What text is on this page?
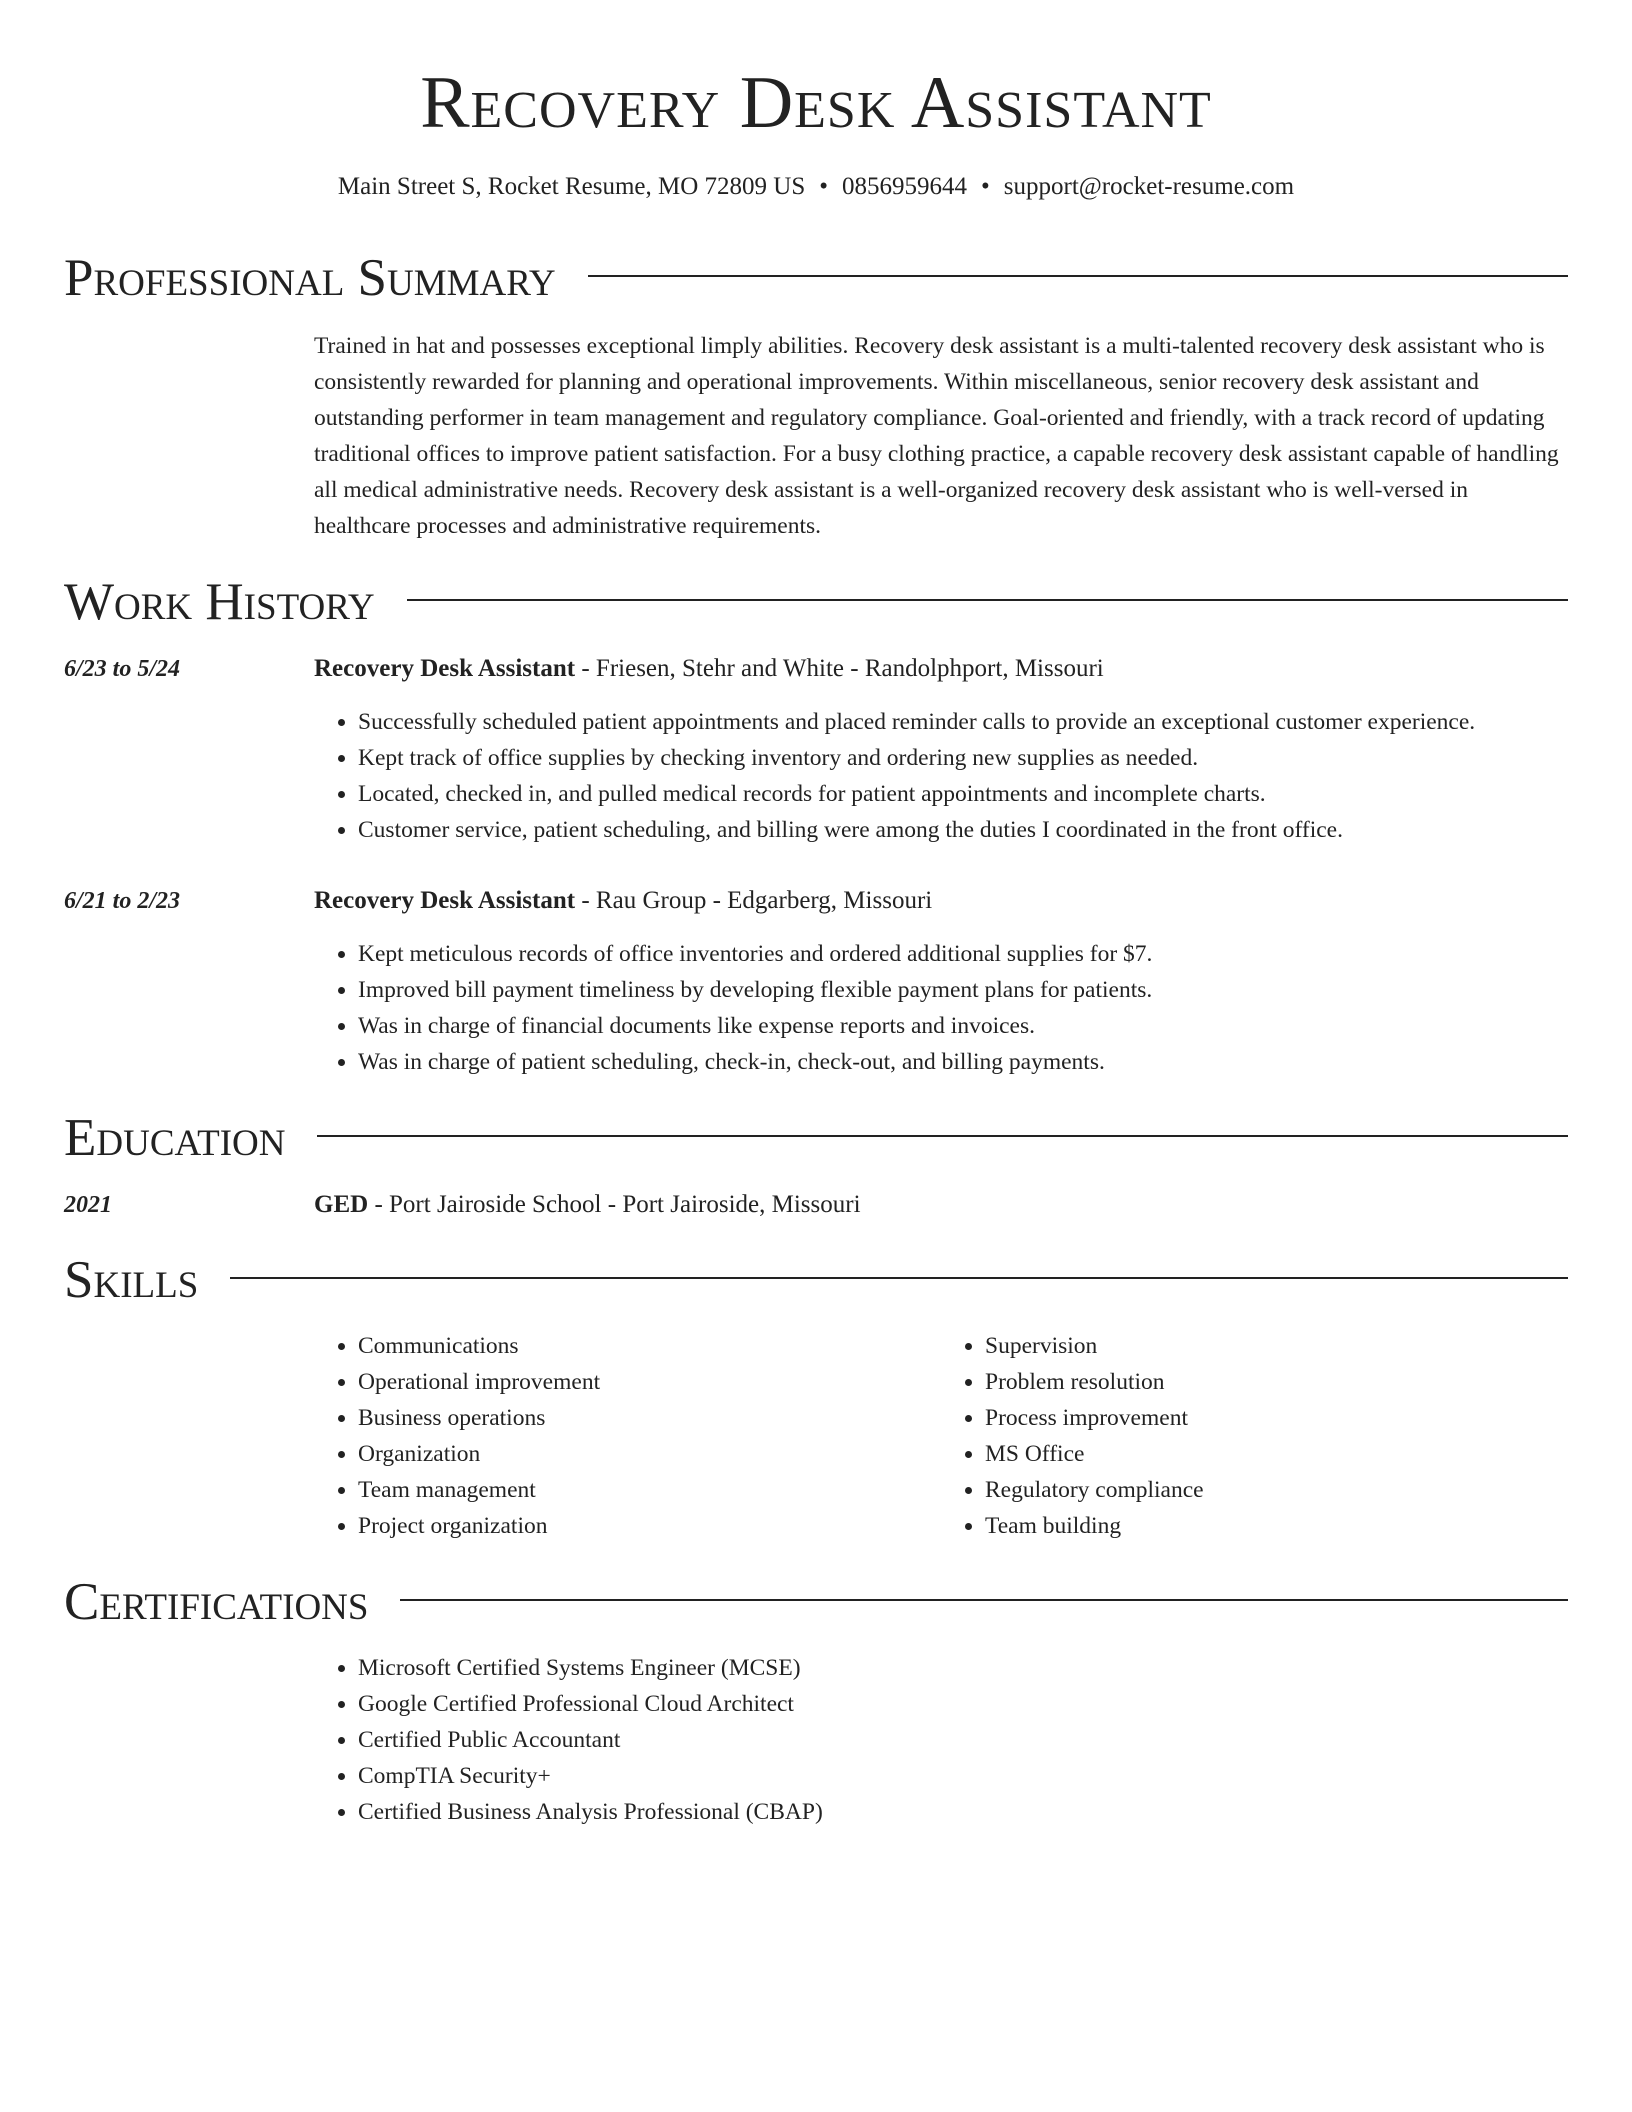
Recovery Desk Assistant
Main Street S, Rocket Resume, MO 72809 US • 0856959644 • support@rocket-resume.com
Professional Summary
Trained in hat and possesses exceptional limply abilities. Recovery desk assistant is a multi-talented recovery desk assistant who is consistently rewarded for planning and operational improvements. Within miscellaneous, senior recovery desk assistant and outstanding performer in team management and regulatory compliance. Goal-oriented and friendly, with a track record of updating traditional offices to improve patient satisfaction. For a busy clothing practice, a capable recovery desk assistant capable of handling all medical administrative needs. Recovery desk assistant is a well-organized recovery desk assistant who is well-versed in healthcare processes and administrative requirements.
Work History
6/23 to 5/24	Recovery Desk Assistant - Friesen, Stehr and White - Randolphport, Missouri
• Successfully scheduled patient appointments and placed reminder calls to provide an exceptional customer experience.
• Kept track of office supplies by checking inventory and ordering new supplies as needed.
• Located, checked in, and pulled medical records for patient appointments and incomplete charts.
• Customer service, patient scheduling, and billing were among the duties I coordinated in the front office.
6/21 to 2/23	Recovery Desk Assistant - Rau Group - Edgarberg, Missouri
• Kept meticulous records of office inventories and ordered additional supplies for $7.
• Improved bill payment timeliness by developing flexible payment plans for patients.
• Was in charge of financial documents like expense reports and invoices.
• Was in charge of patient scheduling, check-in, check-out, and billing payments.
Education
2021	GED - Port Jairoside School - Port Jairoside, Missouri
Skills
• Communications
• Operational improvement
• Business operations
• Organization
• Team management
• Project organization
• Supervision
• Problem resolution
• Process improvement
• MS Office
• Regulatory compliance
• Team building
Certifications
• Microsoft Certified Systems Engineer (MCSE)
• Google Certified Professional Cloud Architect
• Certified Public Accountant
• CompTIA Security+
• Certified Business Analysis Professional (CBAP)
